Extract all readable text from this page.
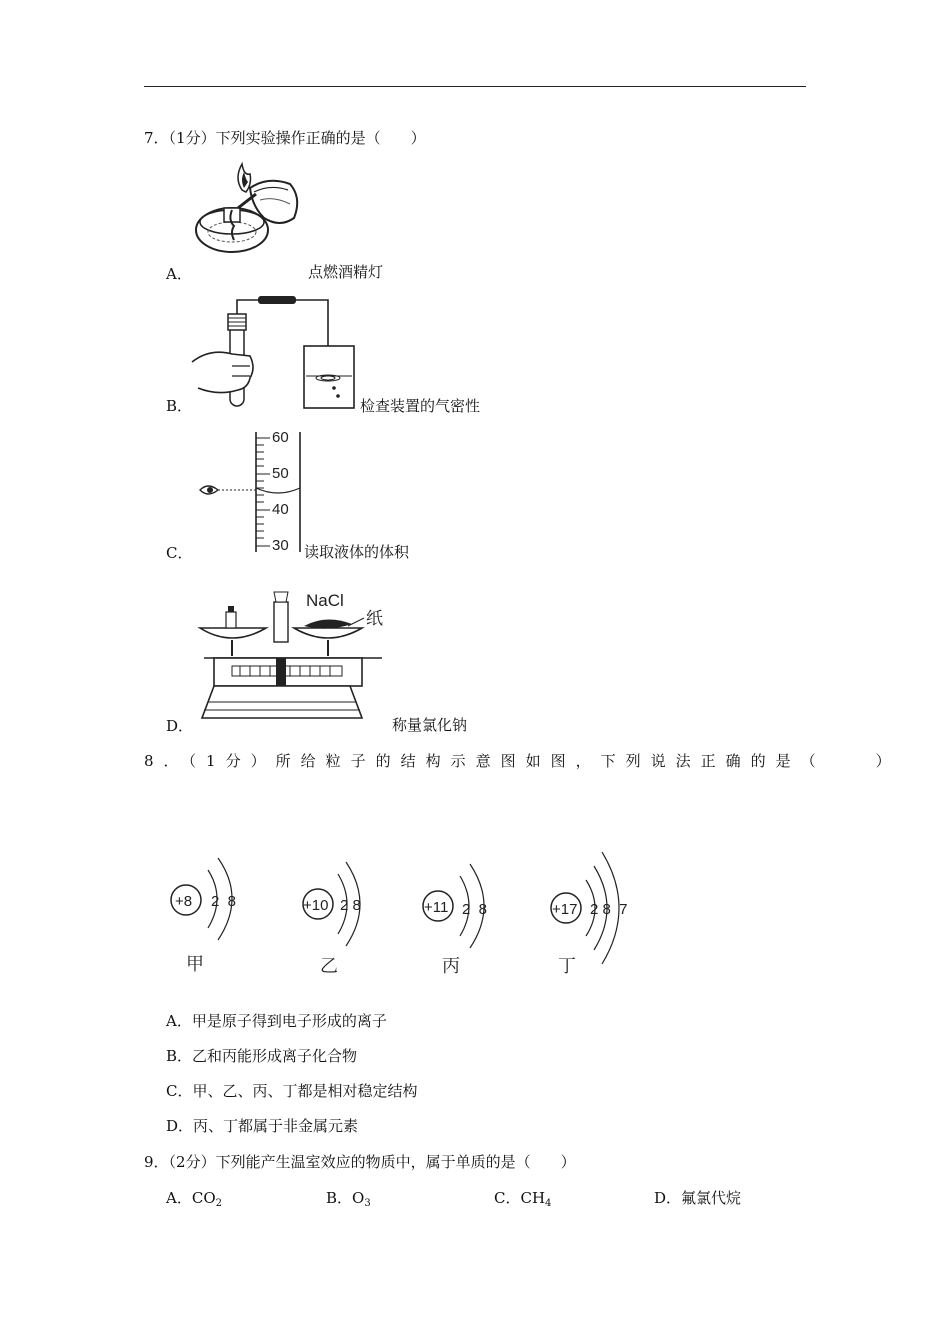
7．（1分）下列实验操作正确的是（　　）
A．	点燃酒精灯
B．	检查装置的气密性
60
50
40
30
C．	读取液体的体积
NaCl
纸
D．	称量氯化钠
8．（1分）所给粒子的结构示意图如图，下列说法正确的是（　　）
+8 2  8
甲
+10 2 8
乙
+11 2  8
丙
+17 2 8  7
丁
A．甲是原子得到电子形成的离子
B．乙和丙能形成离子化合物
C．甲、乙、丙、丁都是相对稳定结构
D．丙、丁都属于非金属元素
9．（2分）下列能产生温室效应的物质中，属于单质的是（　　）
A．$CO_2$	B．$O_3$	C．$CH_4$	D．氟氯代烷
